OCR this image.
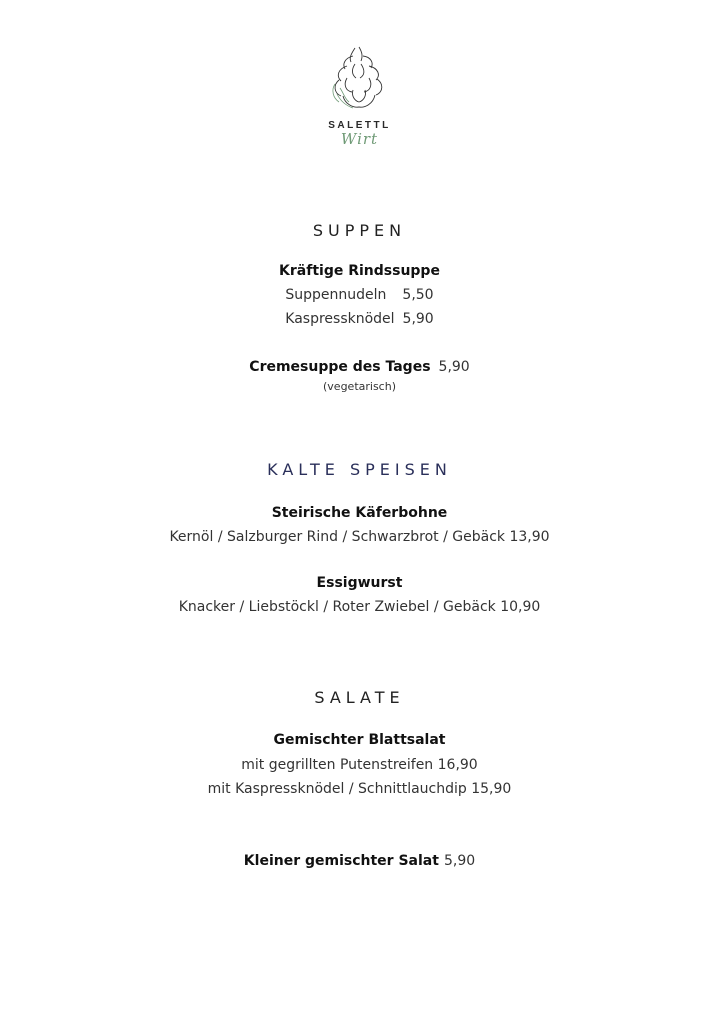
SALETTL
Wirt
SUPPEN
Kräftige Rindssuppe
Suppennudeln 5,50
Kaspressknödel 5,90
Cremesuppe des Tages 5,90
(vegetarisch)
KALTE SPEISEN
Steirische Käferbohne
Kernöl / Salzburger Rind / Schwarzbrot / Gebäck 13,90
Essigwurst
Knacker / Liebstöckl / Roter Zwiebel / Gebäck 10,90
SALATE
Gemischter Blattsalat
mit gegrillten Putenstreifen 16,90
mit Kaspressknödel / Schnittlauchdip 15,90
Kleiner gemischter Salat 5,90
